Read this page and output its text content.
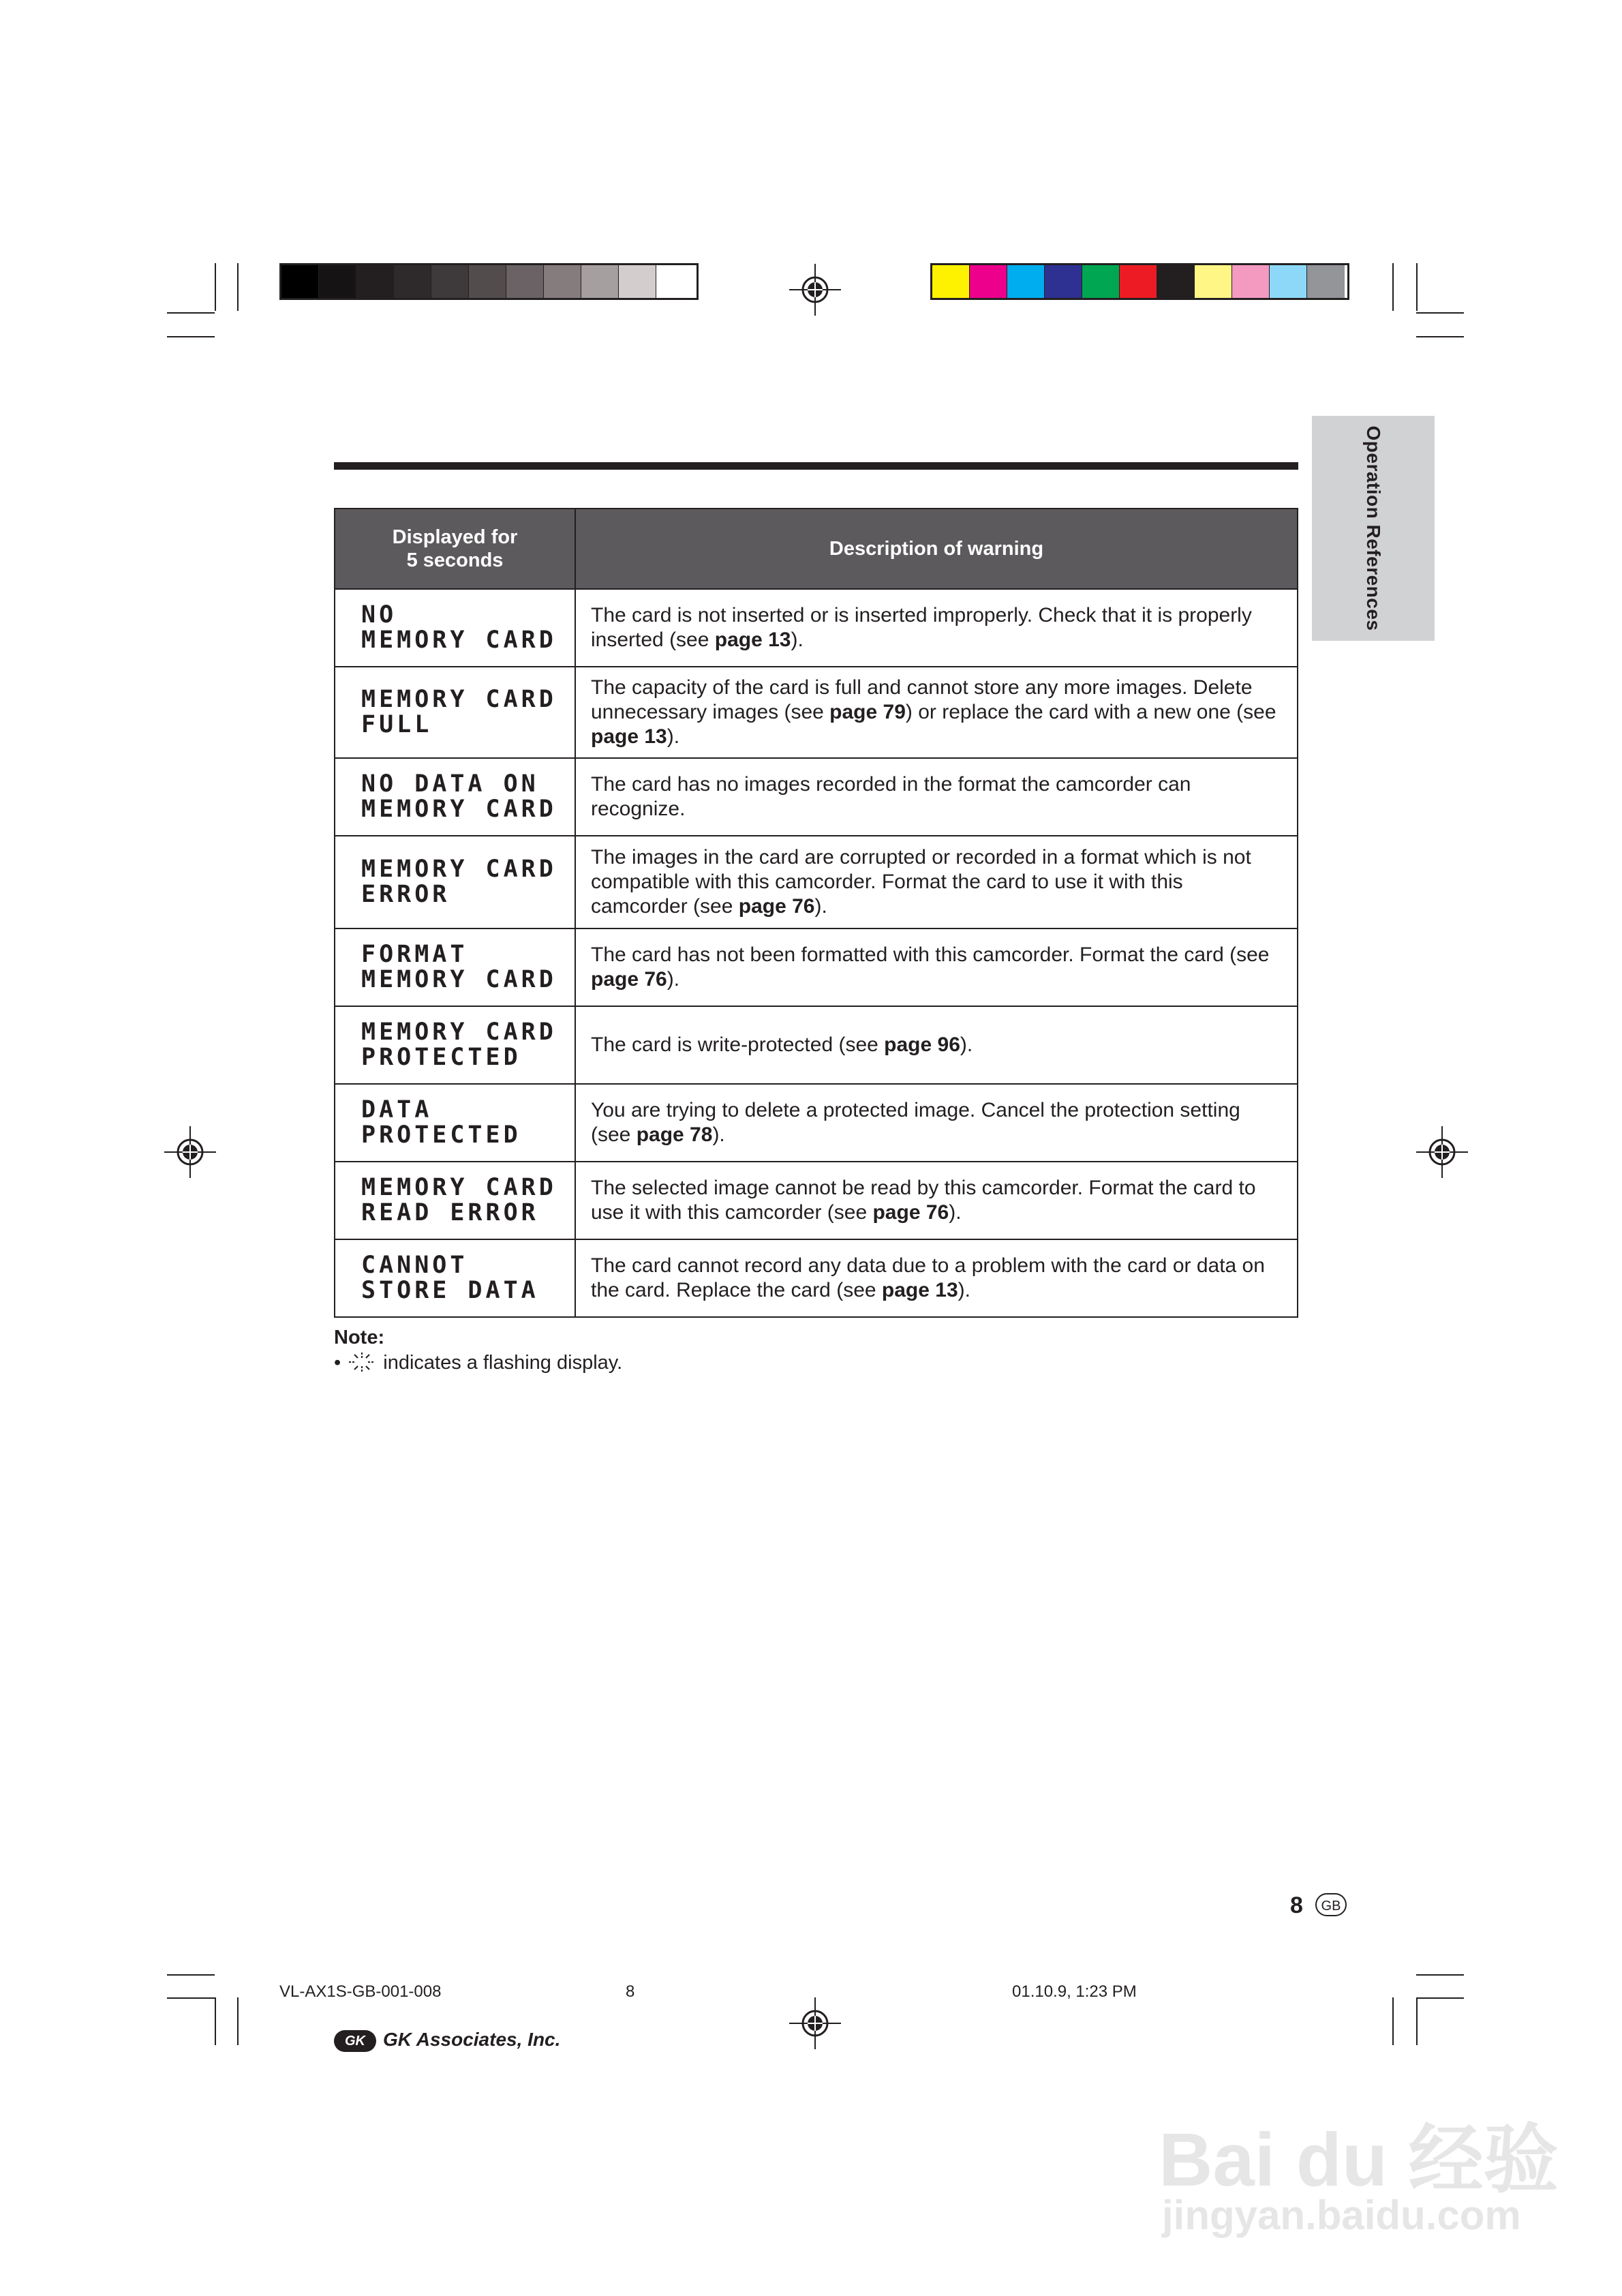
Operation References
Displayed for
5 seconds	Description of warning
NO
MEMORY CARD	The card is not inserted or is inserted improperly. Check that it is properly inserted (see page 13).
MEMORY CARD
FULL	The capacity of the card is full and cannot store any more images. Delete unnecessary images (see page 79) or replace the card with a new one (see page 13).
NO DATA ON
MEMORY CARD	The card has no images recorded in the format the camcorder can recognize.
MEMORY CARD
ERROR	The images in the card are corrupted or recorded in a format which is not compatible with this camcorder. Format the card to use it with this camcorder (see page 76).
FORMAT
MEMORY CARD	The card has not been formatted with this camcorder. Format the card (see page 76).
MEMORY CARD
PROTECTED	The card is write-protected (see page 96).
DATA
PROTECTED	You are trying to delete a protected image. Cancel the protection setting (see page 78).
MEMORY CARD
READ ERROR	The selected image cannot be read by this camcorder. Format the card to use it with this camcorder (see page 76).
CANNOT
STORE DATA	The card cannot record any data due to a problem with the card or data on the card. Replace the card (see page 13).
Note:
• indicates a flashing display.
8	GB
VL-AX1S-GB-001-008	8	01.10.9, 1:23 PM
GK GK Associates, Inc.
Bai du 经验
jingyan.baidu.com
